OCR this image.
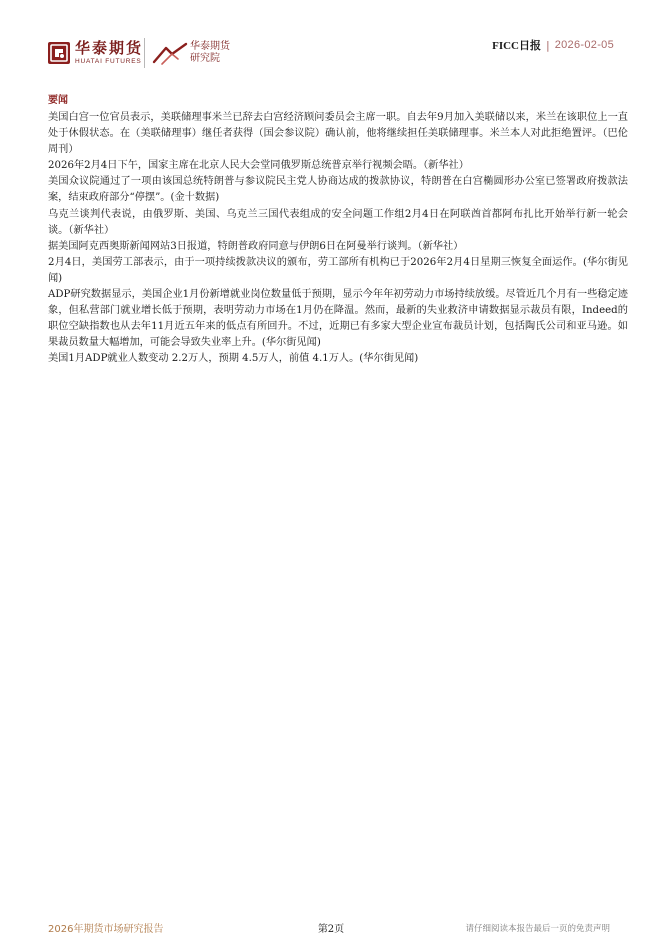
华泰期货
HUATAI FUTURES
华泰期货
研究院
FICC日报 | 2026-02-05
要闻

美国白宫一位官员表示，美联储理事米兰已辞去白宫经济顾问委员会主席一职。自去年9月加入美联储以来，米兰在该职位上一直处于休假状态。在（美联储理事）继任者获得（国会参议院）确认前，他将继续担任美联储理事。米兰本人对此拒绝置评。（巴伦周刊）

2026年2月4日下午，国家主席在北京人民大会堂同俄罗斯总统普京举行视频会晤。（新华社）

美国众议院通过了一项由该国总统特朗普与参议院民主党人协商达成的拨款协议，特朗普在白宫椭圆形办公室已签署政府拨款法案，结束政府部分“停摆”。(金十数据)

乌克兰谈判代表说，由俄罗斯、美国、乌克兰三国代表组成的安全问题工作组2月4日在阿联酋首都阿布扎比开始举行新一轮会谈。（新华社）

据美国阿克西奥斯新闻网站3日报道，特朗普政府同意与伊朗6日在阿曼举行谈判。（新华社）

2月4日，美国劳工部表示，由于一项持续拨款决议的颁布，劳工部所有机构已于2026年2月4日星期三恢复全面运作。(华尔街见闻)

ADP研究数据显示，美国企业1月份新增就业岗位数量低于预期，显示今年年初劳动力市场持续放缓。尽管近几个月有一些稳定迹象，但私营部门就业增长低于预期，表明劳动力市场在1月仍在降温。然而，最新的失业救济申请数据显示裁员有限，Indeed的职位空缺指数也从去年11月近五年来的低点有所回升。不过，近期已有多家大型企业宣布裁员计划，包括陶氏公司和亚马逊。如果裁员数量大幅增加，可能会导致失业率上升。(华尔街见闻)

美国1月ADP就业人数变动 2.2万人，预期 4.5万人，前值 4.1万人。(华尔街见闻)

2026年期货市场研究报告	第2页	请仔细阅读本报告最后一页的免责声明
